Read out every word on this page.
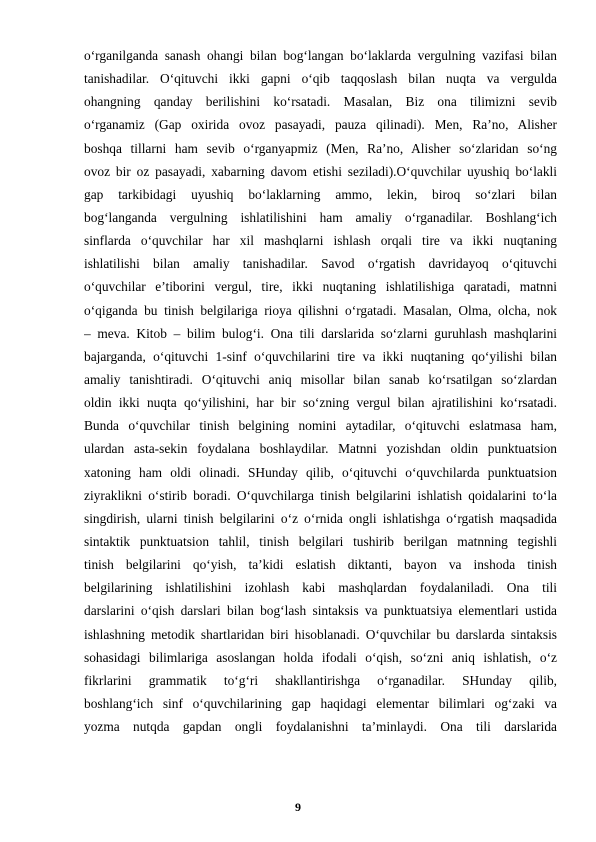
o‘rganilganda sanash ohangi bilan bog‘langan bo‘laklarda vergulning vazifasi bilan
tanishadilar. O‘qituvchi ikki gapni o‘qib taqqoslash bilan nuqta va vergulda
ohangning qanday berilishini ko‘rsatadi. Masalan, Biz ona tilimizni sevib
o‘rganamiz (Gap oxirida ovoz pasayadi, pauza qilinadi). Men, Ra’no, Alisher
boshqa tillarni ham sevib o‘rganyapmiz (Men, Ra’no, Alisher so‘zlaridan so‘ng
ovoz bir oz pasayadi, xabarning davom etishi seziladi).O‘quvchilar uyushiq bo‘lakli
gap tarkibidagi uyushiq bo‘laklarning ammo, lekin, biroq so‘zlari bilan
bog‘langanda vergulning ishlatilishini ham amaliy o‘rganadilar. Boshlang‘ich
sinflarda o‘quvchilar har xil mashqlarni ishlash orqali tire va ikki nuqtaning
ishlatilishi bilan amaliy tanishadilar. Savod o‘rgatish davridayoq o‘qituvchi
o‘quvchilar e’tiborini vergul, tire, ikki nuqtaning ishlatilishiga qaratadi, matnni
o‘qiganda bu tinish belgilariga rioya qilishni o‘rgatadi. Masalan, Olma, olcha, nok
– meva. Kitob – bilim bulog‘i. Ona tili darslarida so‘zlarni guruhlash mashqlarini
bajarganda, o‘qituvchi 1-sinf o‘quvchilarini tire va ikki nuqtaning qo‘yilishi bilan
amaliy tanishtiradi. O‘qituvchi aniq misollar bilan sanab ko‘rsatilgan so‘zlardan
oldin ikki nuqta qo‘yilishini, har bir so‘zning vergul bilan ajratilishini ko‘rsatadi.
Bunda o‘quvchilar tinish belgining nomini aytadilar, o‘qituvchi eslatmasa ham,
ulardan asta-sekin foydalana boshlaydilar. Matnni yozishdan oldin punktuatsion
xatoning ham oldi olinadi. SHunday qilib, o‘qituvchi o‘quvchilarda punktuatsion
ziyraklikni o‘stirib boradi. O‘quvchilarga tinish belgilarini ishlatish qoidalarini to‘la
singdirish, ularni tinish belgilarini o‘z o‘rnida ongli ishlatishga o‘rgatish maqsadida
sintaktik punktuatsion tahlil, tinish belgilari tushirib berilgan matnning tegishli
tinish belgilarini qo‘yish, ta’kidi eslatish diktanti, bayon va inshoda tinish
belgilarining ishlatilishini izohlash kabi mashqlardan foydalaniladi. Ona tili
darslarini o‘qish darslari bilan bog‘lash sintaksis va punktuatsiya elementlari ustida
ishlashning metodik shartlaridan biri hisoblanadi. O‘quvchilar bu darslarda sintaksis
sohasidagi bilimlariga asoslangan holda ifodali o‘qish, so‘zni aniq ishlatish, o‘z
fikrlarini grammatik to‘g‘ri shakllantirishga o‘rganadilar. SHunday qilib,
boshlang‘ich sinf o‘quvchilarining gap haqidagi elementar bilimlari og‘zaki va
yozma nutqda gapdan ongli foydalanishni ta’minlaydi. Ona tili darslarida
9
